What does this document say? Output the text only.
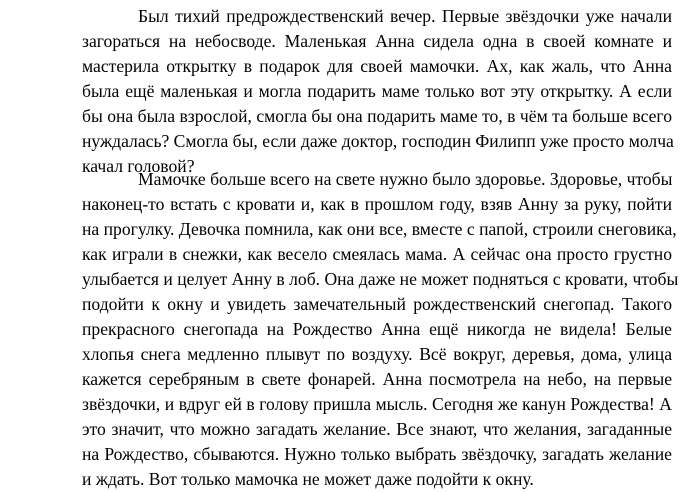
Был тихий предрождественский вечер. Первые звёздочки уже начали
загораться на небосводе. Маленькая Анна сидела одна в своей комнате и
мастерила открытку в подарок для своей мамочки. Ах, как жаль, что Анна
была ещё маленькая и могла подарить маме только вот эту открытку. А если
бы она была взрослой, смогла бы она подарить маме то, в чём та больше всего
нуждалась? Смогла бы, если даже доктор, господин Филипп уже просто молча
качал головой?
Мамочке больше всего на свете нужно было здоровье. Здоровье, чтобы
наконец-то встать с кровати и, как в прошлом году, взяв Анну за руку, пойти
на прогулку. Девочка помнила, как они все, вместе с папой, строили снеговика,
как играли в снежки, как весело смеялась мама. А сейчас она просто грустно
улыбается и целует Анну в лоб. Она даже не может подняться с кровати, чтобы
подойти к окну и увидеть замечательный рождественский снегопад. Такого
прекрасного снегопада на Рождество Анна ещё никогда не видела! Белые
хлопья снега медленно плывут по воздуху. Всё вокруг, деревья, дома, улица
кажется серебряным в свете фонарей. Анна посмотрела на небо, на первые
звёздочки, и вдруг ей в голову пришла мысль. Сегодня же канун Рождества! А
это значит, что можно загадать желание. Все знают, что желания, загаданные
на Рождество, сбываются. Нужно только выбрать звёздочку, загадать желание
и ждать. Вот только мамочка не может даже подойти к окну.
